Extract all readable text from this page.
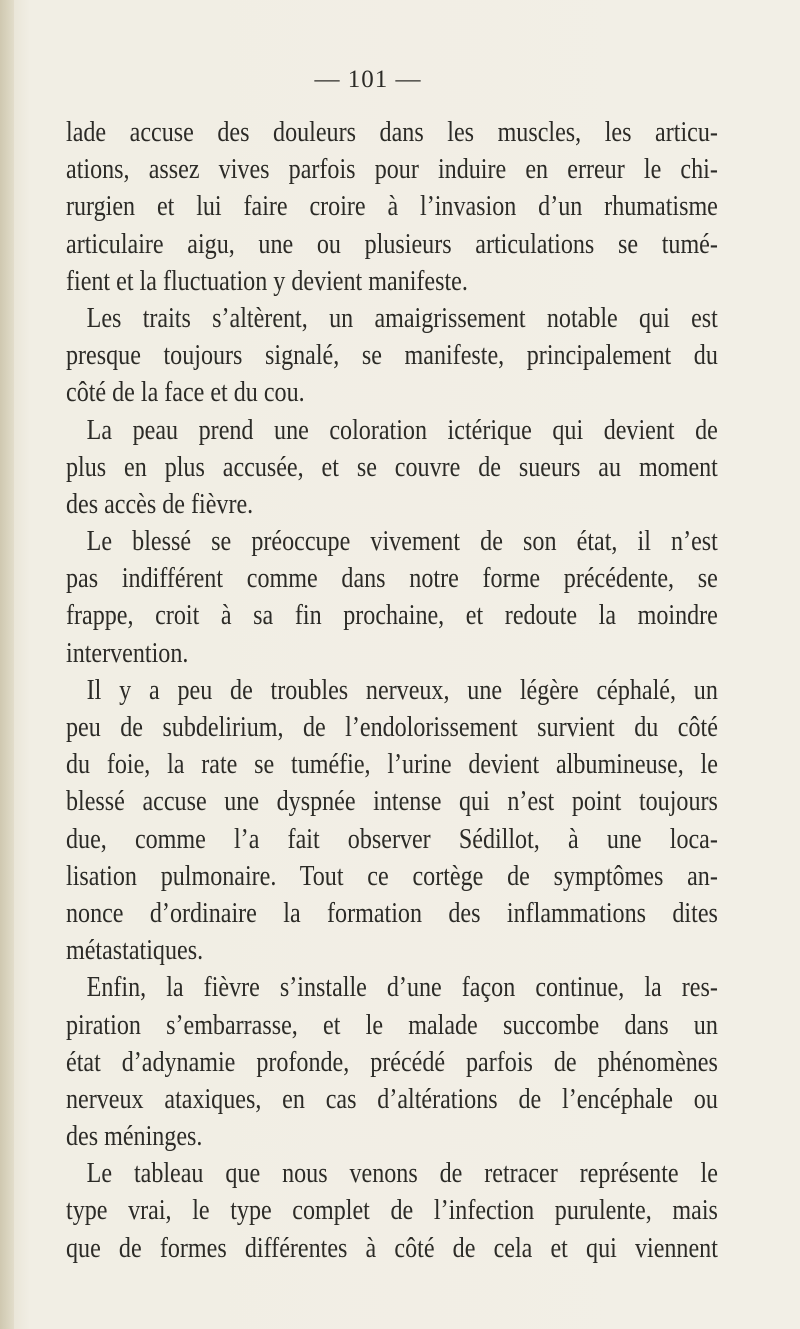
— 101 —
lade accuse des douleurs dans les muscles, les articu-
ations, assez vives parfois pour induire en erreur le chi-
rurgien et lui faire croire à l’invasion d’un rhumatisme
articulaire aigu, une ou plusieurs articulations se tumé-
fient et la fluctuation y devient manifeste.
Les traits s’altèrent, un amaigrissement notable qui est
presque toujours signalé, se manifeste, principalement du
côté de la face et du cou.
La peau prend une coloration ictérique qui devient de
plus en plus accusée, et se couvre de sueurs au moment
des accès de fièvre.
Le blessé se préoccupe vivement de son état, il n’est
pas indifférent comme dans notre forme précédente, se
frappe, croit à sa fin prochaine, et redoute la moindre
intervention.
Il y a peu de troubles nerveux, une légère céphalé, un
peu de subdelirium, de l’endolorissement survient du côté
du foie, la rate se tuméfie, l’urine devient albumineuse, le
blessé accuse une dyspnée intense qui n’est point toujours
due, comme l’a fait observer Sédillot, à une loca-
lisation pulmonaire. Tout ce cortège de symptômes an-
nonce d’ordinaire la formation des inflammations dites
métastatiques.
Enfin, la fièvre s’installe d’une façon continue, la res-
piration s’embarrasse, et le malade succombe dans un
état d’adynamie profonde, précédé parfois de phénomènes
nerveux ataxiques, en cas d’altérations de l’encéphale ou
des méninges.
Le tableau que nous venons de retracer représente le
type vrai, le type complet de l’infection purulente, mais
que de formes différentes à côté de cela et qui viennent
